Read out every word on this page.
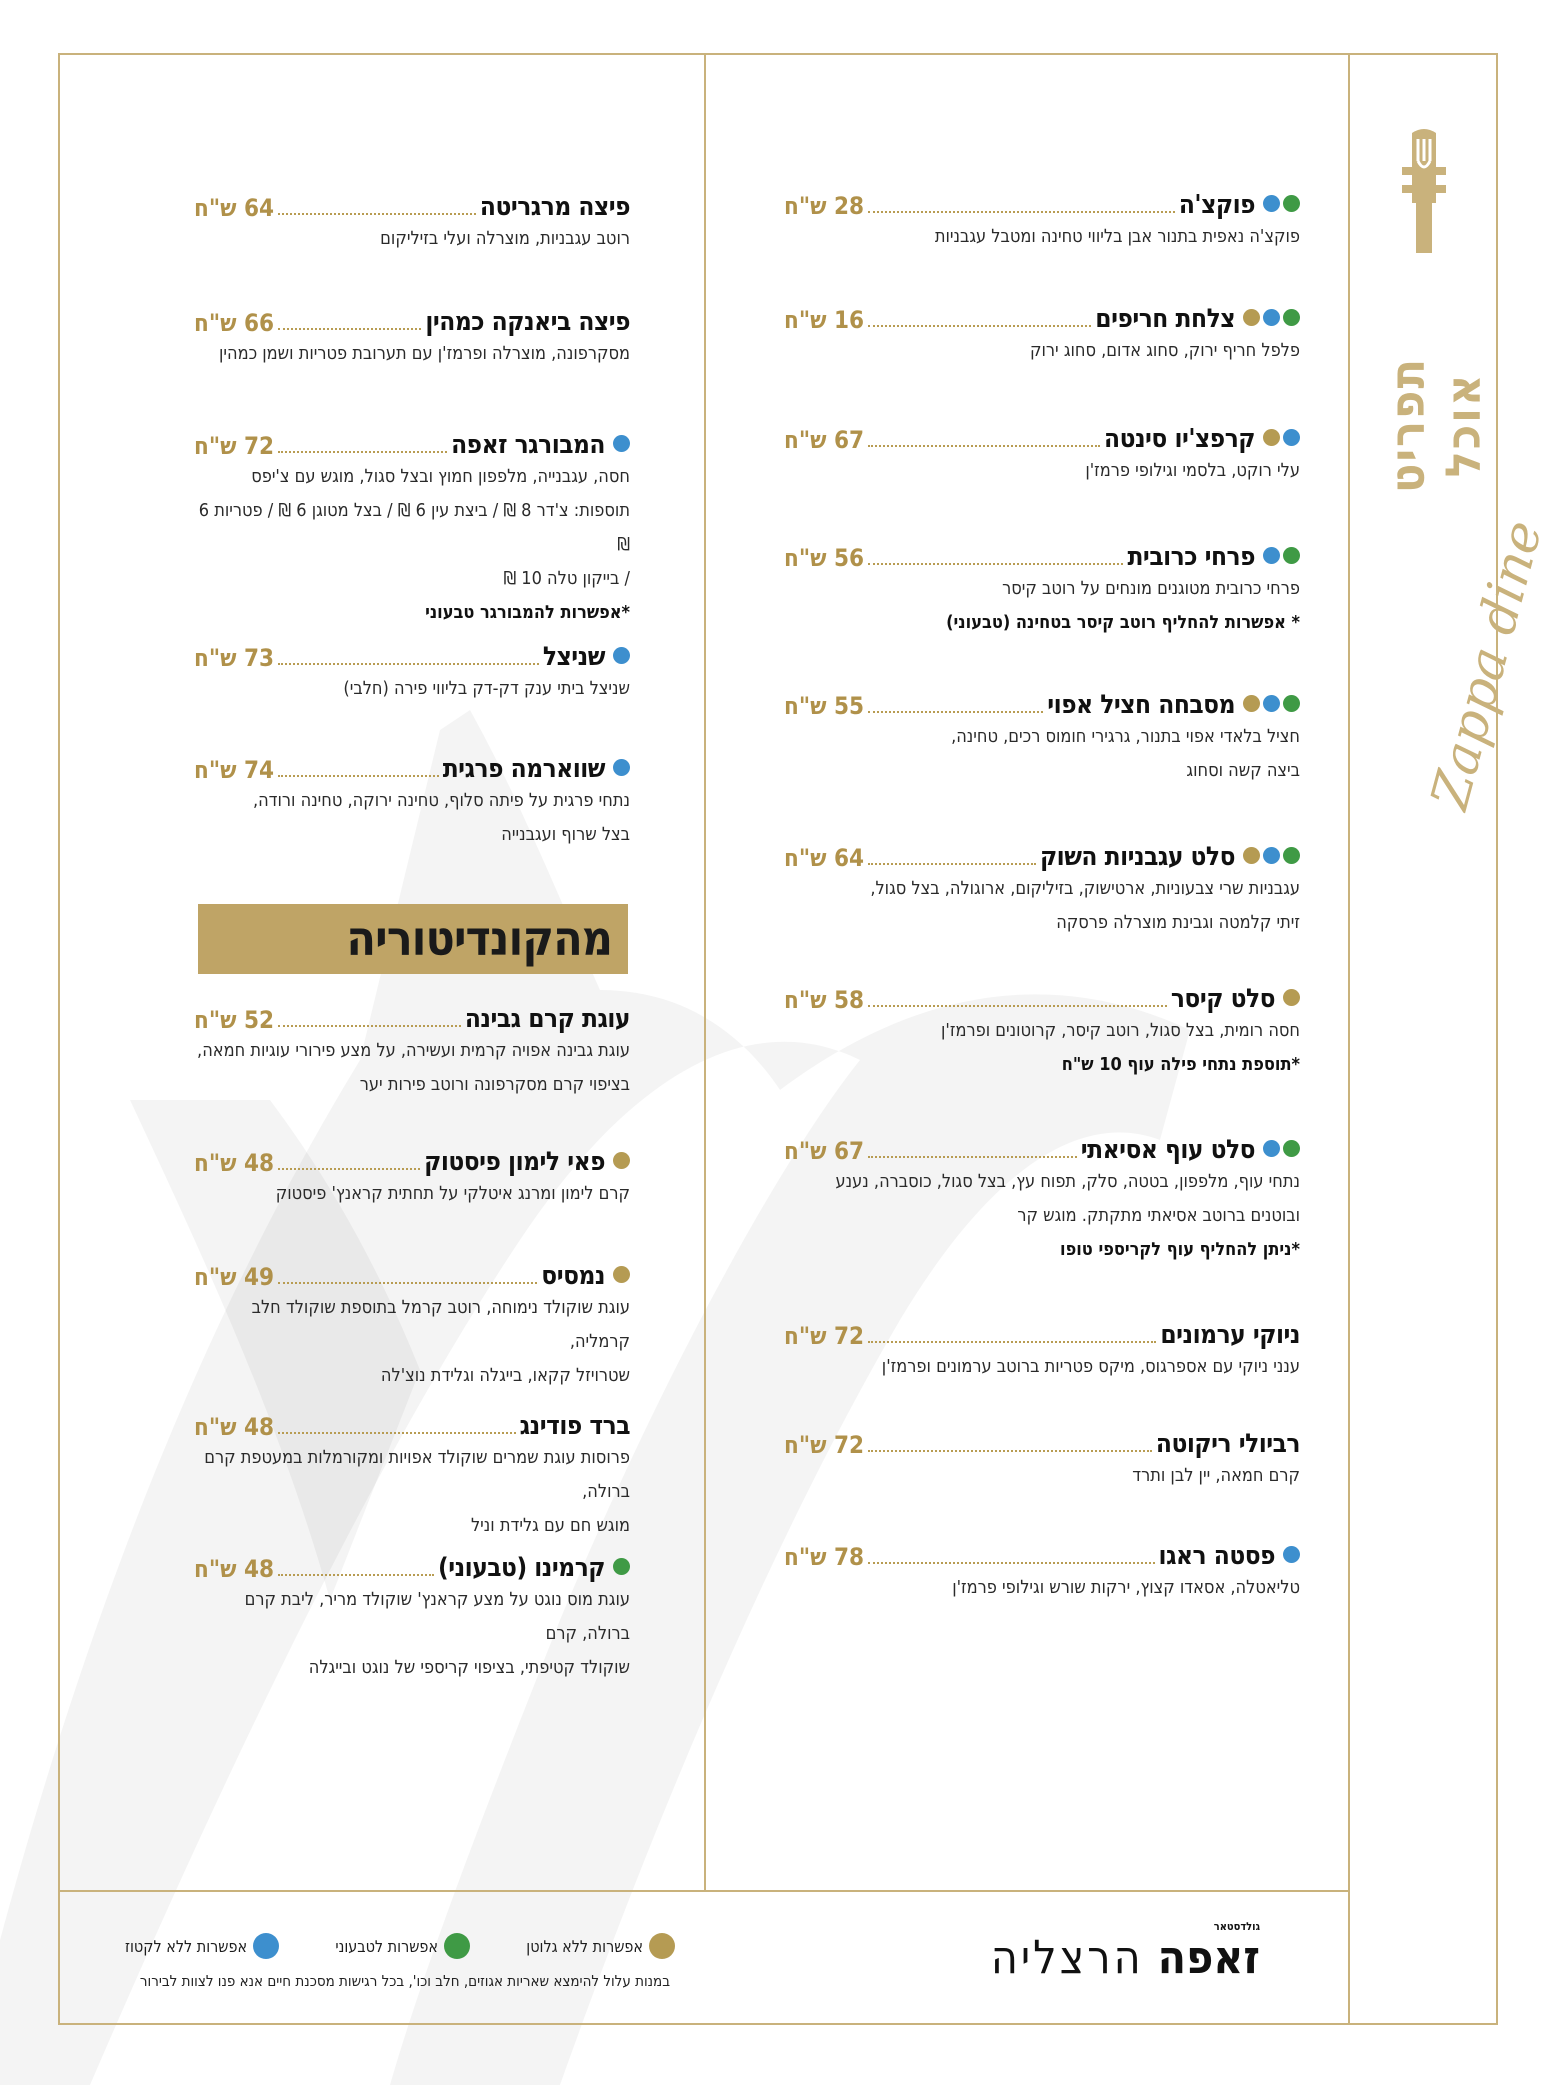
תפריט אוכל
Zappa dine
פוקצ'ה
28 ש"ח
פוקצ'ה נאפית בתנור אבן בליווי טחינה ומטבל עגבניות
צלחת חריפים
16 ש"ח
פלפל חריף ירוק, סחוג אדום, סחוג ירוק
קרפצ'יו סינטה
67 ש"ח
עלי רוקט, בלסמי וגילופי פרמז'ן
פרחי כרובית
56 ש"ח
פרחי כרובית מטוגנים מונחים על רוטב קיסר
* אפשרות להחליף רוטב קיסר בטחינה (טבעוני)
מסבחה חציל אפוי
55 ש"ח
חציל בלאדי אפוי בתנור, גרגירי חומוס רכים, טחינה,
ביצה קשה וסחוג
סלט עגבניות השוק
64 ש"ח
עגבניות שרי צבעוניות, ארטישוק, בזיליקום, ארוגולה, בצל סגול,
זיתי קלמטה וגבינת מוצרלה פרסקה
סלט קיסר
58 ש"ח
חסה רומית, בצל סגול, רוטב קיסר, קרוטונים ופרמז'ן
*תוספת נתחי פילה עוף 10 ש"ח
סלט עוף אסיאתי
67 ש"ח
נתחי עוף, מלפפון, בטטה, סלק, תפוח עץ, בצל סגול, כוסברה, נענע
ובוטנים ברוטב אסיאתי מתקתק. מוגש קר
*ניתן להחליף עוף לקריספי טופו
ניוקי ערמונים
72 ש"ח
ענני ניוקי עם אספרגוס, מיקס פטריות ברוטב ערמונים ופרמז'ן
רביולי ריקוטה
72 ש"ח
קרם חמאה, יין לבן ותרד
פסטה ראגו
78 ש"ח
טליאטלה, אסאדו קצוץ, ירקות שורש וגילופי פרמז'ן
פיצה מרגריטה
64 ש"ח
רוטב עגבניות, מוצרלה ועלי בזיליקום
פיצה ביאנקה כמהין
66 ש"ח
מסקרפונה, מוצרלה ופרמז'ן עם תערובת פטריות ושמן כמהין
המבורגר זאפה
72 ש"ח
חסה, עגבנייה, מלפפון חמוץ ובצל סגול, מוגש עם צ'יפס
תוספות: צ'דר 8 ₪ / ביצת עין 6 ₪ / בצל מטוגן 6 ₪ / פטריות 6 ₪
/ בייקון טלה 10 ₪
*אפשרות להמבורגר טבעוני
שניצל
73 ש"ח
שניצל ביתי ענק דק-דק בליווי פירה (חלבי)
שווארמה פרגית
74 ש"ח
נתחי פרגית על פיתה סלוף, טחינה ירוקה, טחינה ורודה,
בצל שרוף ועגבנייה
עוגת קרם גבינה
52 ש"ח
עוגת גבינה אפויה קרמית ועשירה, על מצע פירורי עוגיות חמאה,
בציפוי קרם מסקרפונה ורוטב פירות יער
פאי לימון פיסטוק
48 ש"ח
קרם לימון ומרנג איטלקי על תחתית קראנץ' פיסטוק
נמסיס
49 ש"ח
עוגת שוקולד נימוחה, רוטב קרמל בתוספת שוקולד חלב קרמליה,
שטרויזל קקאו, בייגלה וגלידת נוצ'לה
ברד פודינג
48 ש"ח
פרוסות עוגת שמרים שוקולד אפויות ומקורמלות במעטפת קרם ברולה,
מוגש חם עם גלידת וניל
קרמינו (טבעוני)
48 ש"ח
עוגת מוס נוגט על מצע קראנץ' שוקולד מריר, ליבת קרם ברולה, קרם
שוקולד קטיפתי, בציפוי קריספי של נוגט ובייגלה
מהקונדיטוריה
גולדסטאר
זאפה
הרצליה
אפשרות ללא גלוטן
אפשרות לטבעוני
אפשרות ללא לקטוז
במנות עלול להימצא שאריות אגוזים, חלב וכו', בכל רגישות מסכנת חיים אנא פנו לצוות לבירור
